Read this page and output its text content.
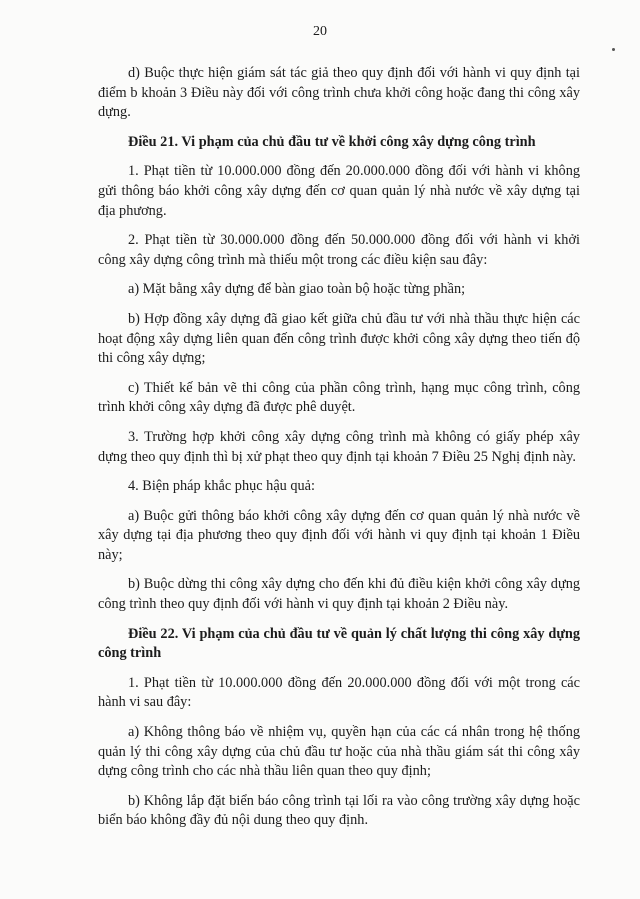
20

d) Buộc thực hiện giám sát tác giả theo quy định đối với hành vi quy định tại điểm b khoản 3 Điều này đối với công trình chưa khởi công hoặc đang thi công xây dựng.

Điều 21. Vi phạm của chủ đầu tư về khởi công xây dựng công trình

1. Phạt tiền từ 10.000.000 đồng đến 20.000.000 đồng đối với hành vi không gửi thông báo khởi công xây dựng đến cơ quan quản lý nhà nước về xây dựng tại địa phương.

2. Phạt tiền từ 30.000.000 đồng đến 50.000.000 đồng đối với hành vi khởi công xây dựng công trình mà thiếu một trong các điều kiện sau đây:

a) Mặt bằng xây dựng để bàn giao toàn bộ hoặc từng phần;

b) Hợp đồng xây dựng đã giao kết giữa chủ đầu tư với nhà thầu thực hiện các hoạt động xây dựng liên quan đến công trình được khởi công xây dựng theo tiến độ thi công xây dựng;

c) Thiết kế bản vẽ thi công của phần công trình, hạng mục công trình, công trình khởi công xây dựng đã được phê duyệt.

3. Trường hợp khởi công xây dựng công trình mà không có giấy phép xây dựng theo quy định thì bị xử phạt theo quy định tại khoản 7 Điều 25 Nghị định này.

4. Biện pháp khắc phục hậu quả:

a) Buộc gửi thông báo khởi công xây dựng đến cơ quan quản lý nhà nước về xây dựng tại địa phương theo quy định đối với hành vi quy định tại khoản 1 Điều này;

b) Buộc dừng thi công xây dựng cho đến khi đủ điều kiện khởi công xây dựng công trình theo quy định đối với hành vi quy định tại khoản 2 Điều này.

Điều 22. Vi phạm của chủ đầu tư về quản lý chất lượng thi công xây dựng công trình

1. Phạt tiền từ 10.000.000 đồng đến 20.000.000 đồng đối với một trong các hành vi sau đây:

a) Không thông báo về nhiệm vụ, quyền hạn của các cá nhân trong hệ thống quản lý thi công xây dựng của chủ đầu tư hoặc của nhà thầu giám sát thi công xây dựng công trình cho các nhà thầu liên quan theo quy định;

b) Không lắp đặt biển báo công trình tại lối ra vào công trường xây dựng hoặc biển báo không đầy đủ nội dung theo quy định.
